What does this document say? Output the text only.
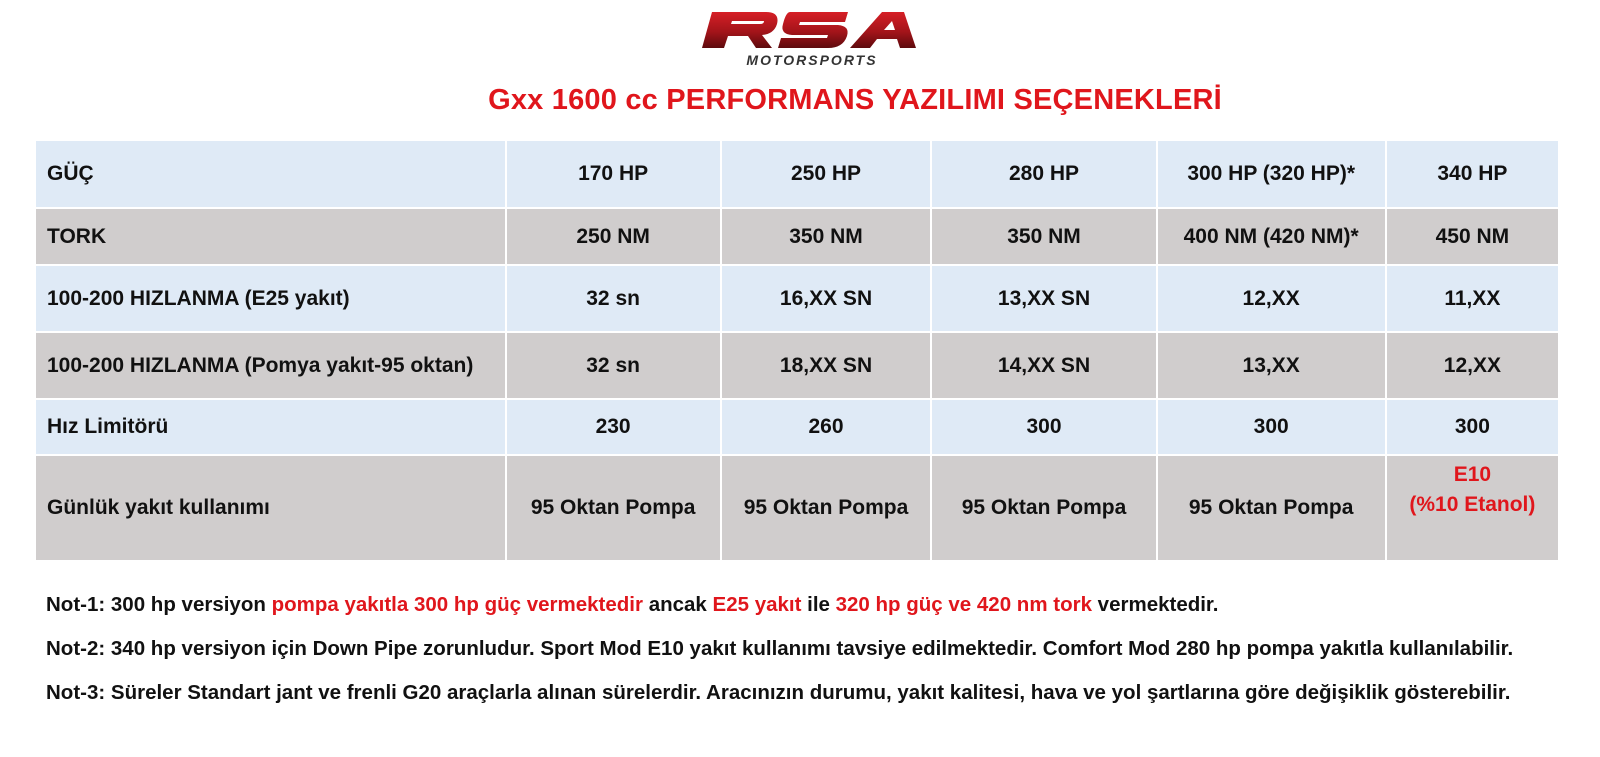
MOTORSPORTS
Gxx 1600 cc PERFORMANS YAZILIMI SEÇENEKLERİ
GÜÇ	170 HP	250 HP	280 HP	300 HP (320 HP)*	340 HP
TORK	250 NM	350 NM	350 NM	400 NM (420 NM)*	450 NM
100-200 HIZLANMA (E25 yakıt)	32 sn	16,XX SN	13,XX SN	12,XX	11,XX
100-200 HIZLANMA (Pomya yakıt-95 oktan)	32 sn	18,XX SN	14,XX SN	13,XX	12,XX
Hız Limitörü	230	260	300	300	300
Günlük yakıt kullanımı	95 Oktan Pompa	95 Oktan Pompa	95 Oktan Pompa	95 Oktan Pompa	E10
(%10 Etanol)
Not-1: 300 hp versiyon pompa yakıtla 300 hp güç vermektedir ancak E25 yakıt ile 320 hp güç ve 420 nm tork vermektedir.
Not-2: 340 hp versiyon için Down Pipe zorunludur. Sport Mod E10 yakıt kullanımı tavsiye edilmektedir. Comfort Mod 280 hp pompa yakıtla kullanılabilir.
Not-3: Süreler Standart jant ve frenli G20 araçlarla alınan sürelerdir. Aracınızın durumu, yakıt kalitesi, hava ve yol şartlarına göre değişiklik gösterebilir.
